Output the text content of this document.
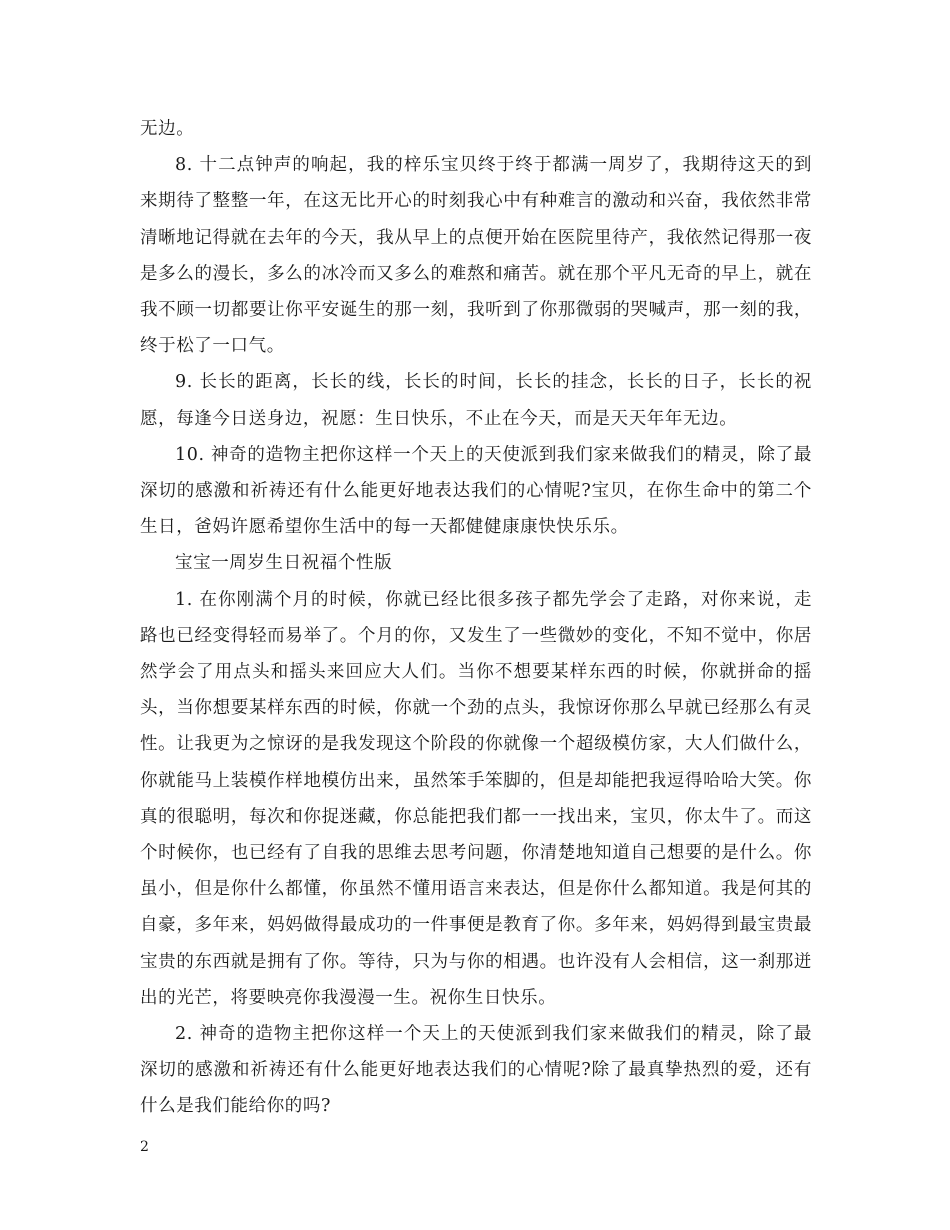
无边。

8. 十二点钟声的响起，我的梓乐宝贝终于终于都满一周岁了，我期待这天的到来期待了整整一年，在这无比开心的时刻我心中有种难言的激动和兴奋，我依然非常清晰地记得就在去年的今天，我从早上的点便开始在医院里待产，我依然记得那一夜是多么的漫长，多么的冰冷而又多么的难熬和痛苦。就在那个平凡无奇的早上，就在我不顾一切都要让你平安诞生的那一刻，我听到了你那微弱的哭喊声，那一刻的我，终于松了一口气。

9. 长长的距离，长长的线，长长的时间，长长的挂念，长长的日子，长长的祝愿，每逢今日送身边，祝愿：生日快乐，不止在今天，而是天天年年无边。

10. 神奇的造物主把你这样一个天上的天使派到我们家来做我们的精灵，除了最深切的感激和祈祷还有什么能更好地表达我们的心情呢?宝贝，在你生命中的第二个生日，爸妈许愿希望你生活中的每一天都健健康康快快乐乐。

宝宝一周岁生日祝福个性版

1. 在你刚满个月的时候，你就已经比很多孩子都先学会了走路，对你来说，走路也已经变得轻而易举了。个月的你，又发生了一些微妙的变化，不知不觉中，你居然学会了用点头和摇头来回应大人们。当你不想要某样东西的时候，你就拼命的摇头，当你想要某样东西的时候，你就一个劲的点头，我惊讶你那么早就已经那么有灵性。让我更为之惊讶的是我发现这个阶段的你就像一个超级模仿家，大人们做什么，你就能马上装模作样地模仿出来，虽然笨手笨脚的，但是却能把我逗得哈哈大笑。你真的很聪明，每次和你捉迷藏，你总能把我们都一一找出来，宝贝，你太牛了。而这个时候你，也已经有了自我的思维去思考问题，你清楚地知道自己想要的是什么。你虽小，但是你什么都懂，你虽然不懂用语言来表达，但是你什么都知道。我是何其的自豪，多年来，妈妈做得最成功的一件事便是教育了你。多年来，妈妈得到最宝贵最宝贵的东西就是拥有了你。等待，只为与你的相遇。也许没有人会相信，这一刹那迸出的光芒，将要映亮你我漫漫一生。祝你生日快乐。

2. 神奇的造物主把你这样一个天上的天使派到我们家来做我们的精灵，除了最深切的感激和祈祷还有什么能更好地表达我们的心情呢?除了最真挚热烈的爱，还有什么是我们能给你的吗?

2
